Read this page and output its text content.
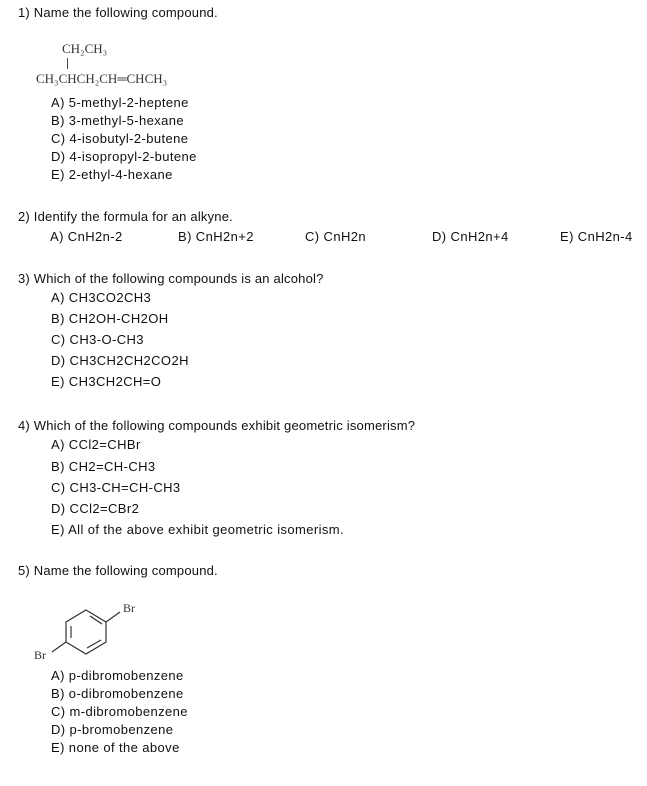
1) Name the following compound.
CH₂CH₃
CH₃CHCH₂CH═CHCH₃
A) 5-methyl-2-heptene
B) 3-methyl-5-hexane
C) 4-isobutyl-2-butene
D) 4-isopropyl-2-butene
E) 2-ethyl-4-hexane
2) Identify the formula for an alkyne.
A) CnH2n-2	B) CnH2n+2	C) CnH2n	D) CnH2n+4	E) CnH2n-4
3) Which of the following compounds is an alcohol?
A) CH3CO2CH3
B) CH2OH-CH2OH
C) CH3-O-CH3
D) CH3CH2CH2CO2H
E) CH3CH2CH=O
4) Which of the following compounds exhibit geometric isomerism?
A) CCl2=CHBr
B) CH2=CH-CH3
C) CH3-CH=CH-CH3
D) CCl2=CBr2
E) All of the above exhibit geometric isomerism.
5) Name the following compound.
Br
Br
A) p-dibromobenzene
B) o-dibromobenzene
C) m-dibromobenzene
D) p-bromobenzene
E) none of the above
